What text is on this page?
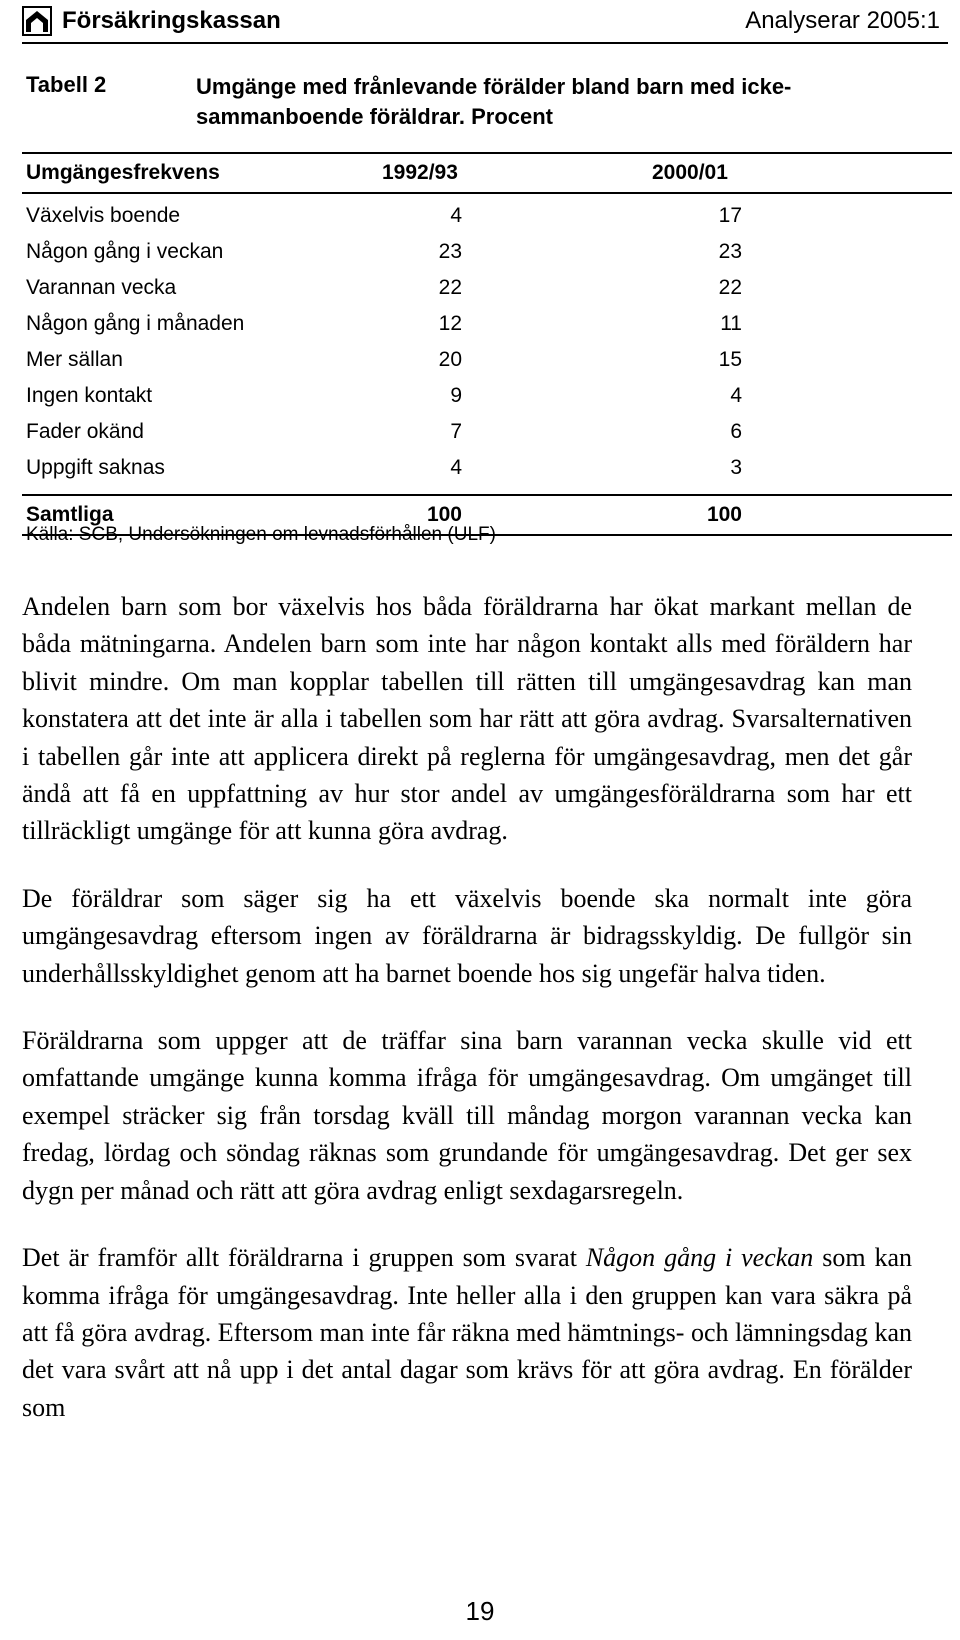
Försäkringskassan	Analyserar 2005:1
Tabell 2	Umgänge med frånlevande förälder bland barn med icke-sammanboende föräldrar. Procent
Umgängesfrekvens	1992/93	2000/01
Växelvis boende	4	17
Någon gång i veckan	23	23
Varannan vecka	22	22
Någon gång i månaden	12	11
Mer sällan	20	15
Ingen kontakt	9	4
Fader okänd	7	6
Uppgift saknas	4	3
Samtliga	100	100
Källa: SCB, Undersökningen om levnadsförhållen (ULF)

Andelen barn som bor växelvis hos båda föräldrarna har ökat markant mellan de båda mätningarna. Andelen barn som inte har någon kontakt alls med föräldern har blivit mindre. Om man kopplar tabellen till rätten till umgängesavdrag kan man konstatera att det inte är alla i tabellen som har rätt att göra avdrag. Svarsalternativen i tabellen går inte att applicera direkt på reglerna för umgängesavdrag, men det går ändå att få en uppfattning av hur stor andel av umgängesföräldrarna som har ett tillräckligt umgänge för att kunna göra avdrag.

De föräldrar som säger sig ha ett växelvis boende ska normalt inte göra umgängesavdrag eftersom ingen av föräldrarna är bidragsskyldig. De fullgör sin underhållsskyldighet genom att ha barnet boende hos sig ungefär halva tiden.

Föräldrarna som uppger att de träffar sina barn varannan vecka skulle vid ett omfattande umgänge kunna komma ifråga för umgängesavdrag. Om umgänget till exempel sträcker sig från torsdag kväll till måndag morgon varannan vecka kan fredag, lördag och söndag räknas som grundande för umgängesavdrag. Det ger sex dygn per månad och rätt att göra avdrag enligt sexdagarsregeln.

Det är framför allt föräldrarna i gruppen som svarat Någon gång i veckan som kan komma ifråga för umgängesavdrag. Inte heller alla i den gruppen kan vara säkra på att få göra avdrag. Eftersom man inte får räkna med hämtnings- och lämningsdag kan det vara svårt att nå upp i det antal dagar som krävs för att göra avdrag. En förälder som

19
